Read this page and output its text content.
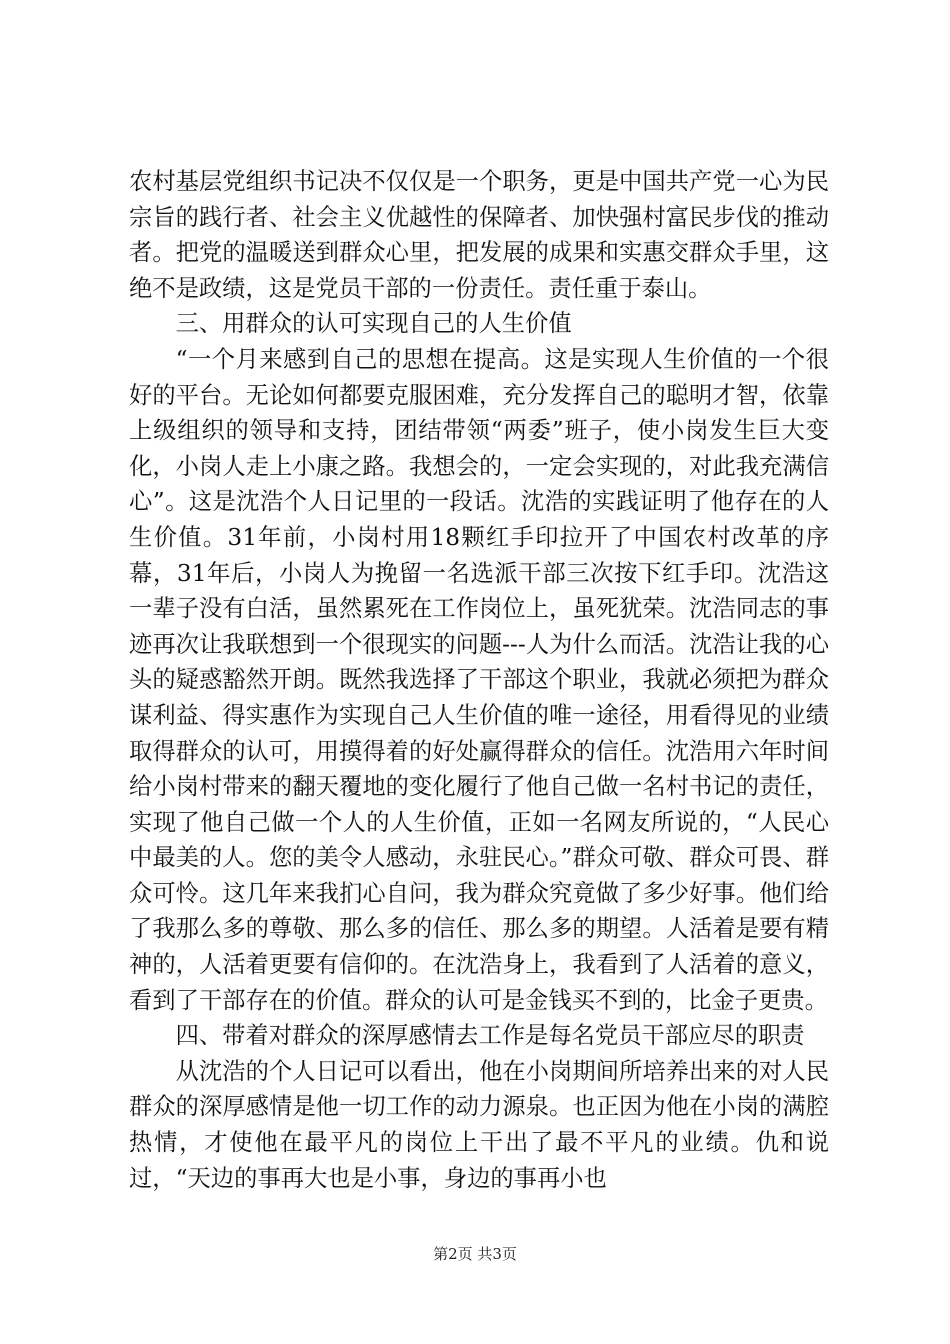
农村基层党组织书记决不仅仅是一个职务，更是中国共产党一心为民宗旨的践行者、社会主义优越性的保障者、加快强村富民步伐的推动者。把党的温暖送到群众心里，把发展的成果和实惠交群众手里，这绝不是政绩，这是党员干部的一份责任。责任重于泰山。

三、用群众的认可实现自己的人生价值

“一个月来感到自己的思想在提高。这是实现人生价值的一个很好的平台。无论如何都要克服困难，充分发挥自己的聪明才智，依靠上级组织的领导和支持，团结带领“两委”班子，使小岗发生巨大变化，小岗人走上小康之路。我想会的，一定会实现的，对此我充满信心”。这是沈浩个人日记里的一段话。沈浩的实践证明了他存在的人生价值。31年前，小岗村用18颗红手印拉开了中国农村改革的序幕，31年后，小岗人为挽留一名选派干部三次按下红手印。沈浩这一辈子没有白活，虽然累死在工作岗位上，虽死犹荣。沈浩同志的事迹再次让我联想到一个很现实的问题---人为什么而活。沈浩让我的心头的疑惑豁然开朗。既然我选择了干部这个职业，我就必须把为群众谋利益、得实惠作为实现自己人生价值的唯一途径，用看得见的业绩取得群众的认可，用摸得着的好处赢得群众的信任。沈浩用六年时间给小岗村带来的翻天覆地的变化履行了他自己做一名村书记的责任，实现了他自己做一个人的人生价值，正如一名网友所说的，“人民心中最美的人。您的美令人感动，永驻民心。”群众可敬、群众可畏、群众可怜。这几年来我扪心自问，我为群众究竟做了多少好事。他们给了我那么多的尊敬、那么多的信任、那么多的期望。人活着是要有精神的，人活着更要有信仰的。在沈浩身上，我看到了人活着的意义，看到了干部存在的价值。群众的认可是金钱买不到的，比金子更贵。

四、带着对群众的深厚感情去工作是每名党员干部应尽的职责

从沈浩的个人日记可以看出，他在小岗期间所培养出来的对人民群众的深厚感情是他一切工作的动力源泉。也正因为他在小岗的满腔热情，才使他在最平凡的岗位上干出了最不平凡的业绩。仇和说过，“天边的事再大也是小事，身边的事再小也

第2页 共3页
